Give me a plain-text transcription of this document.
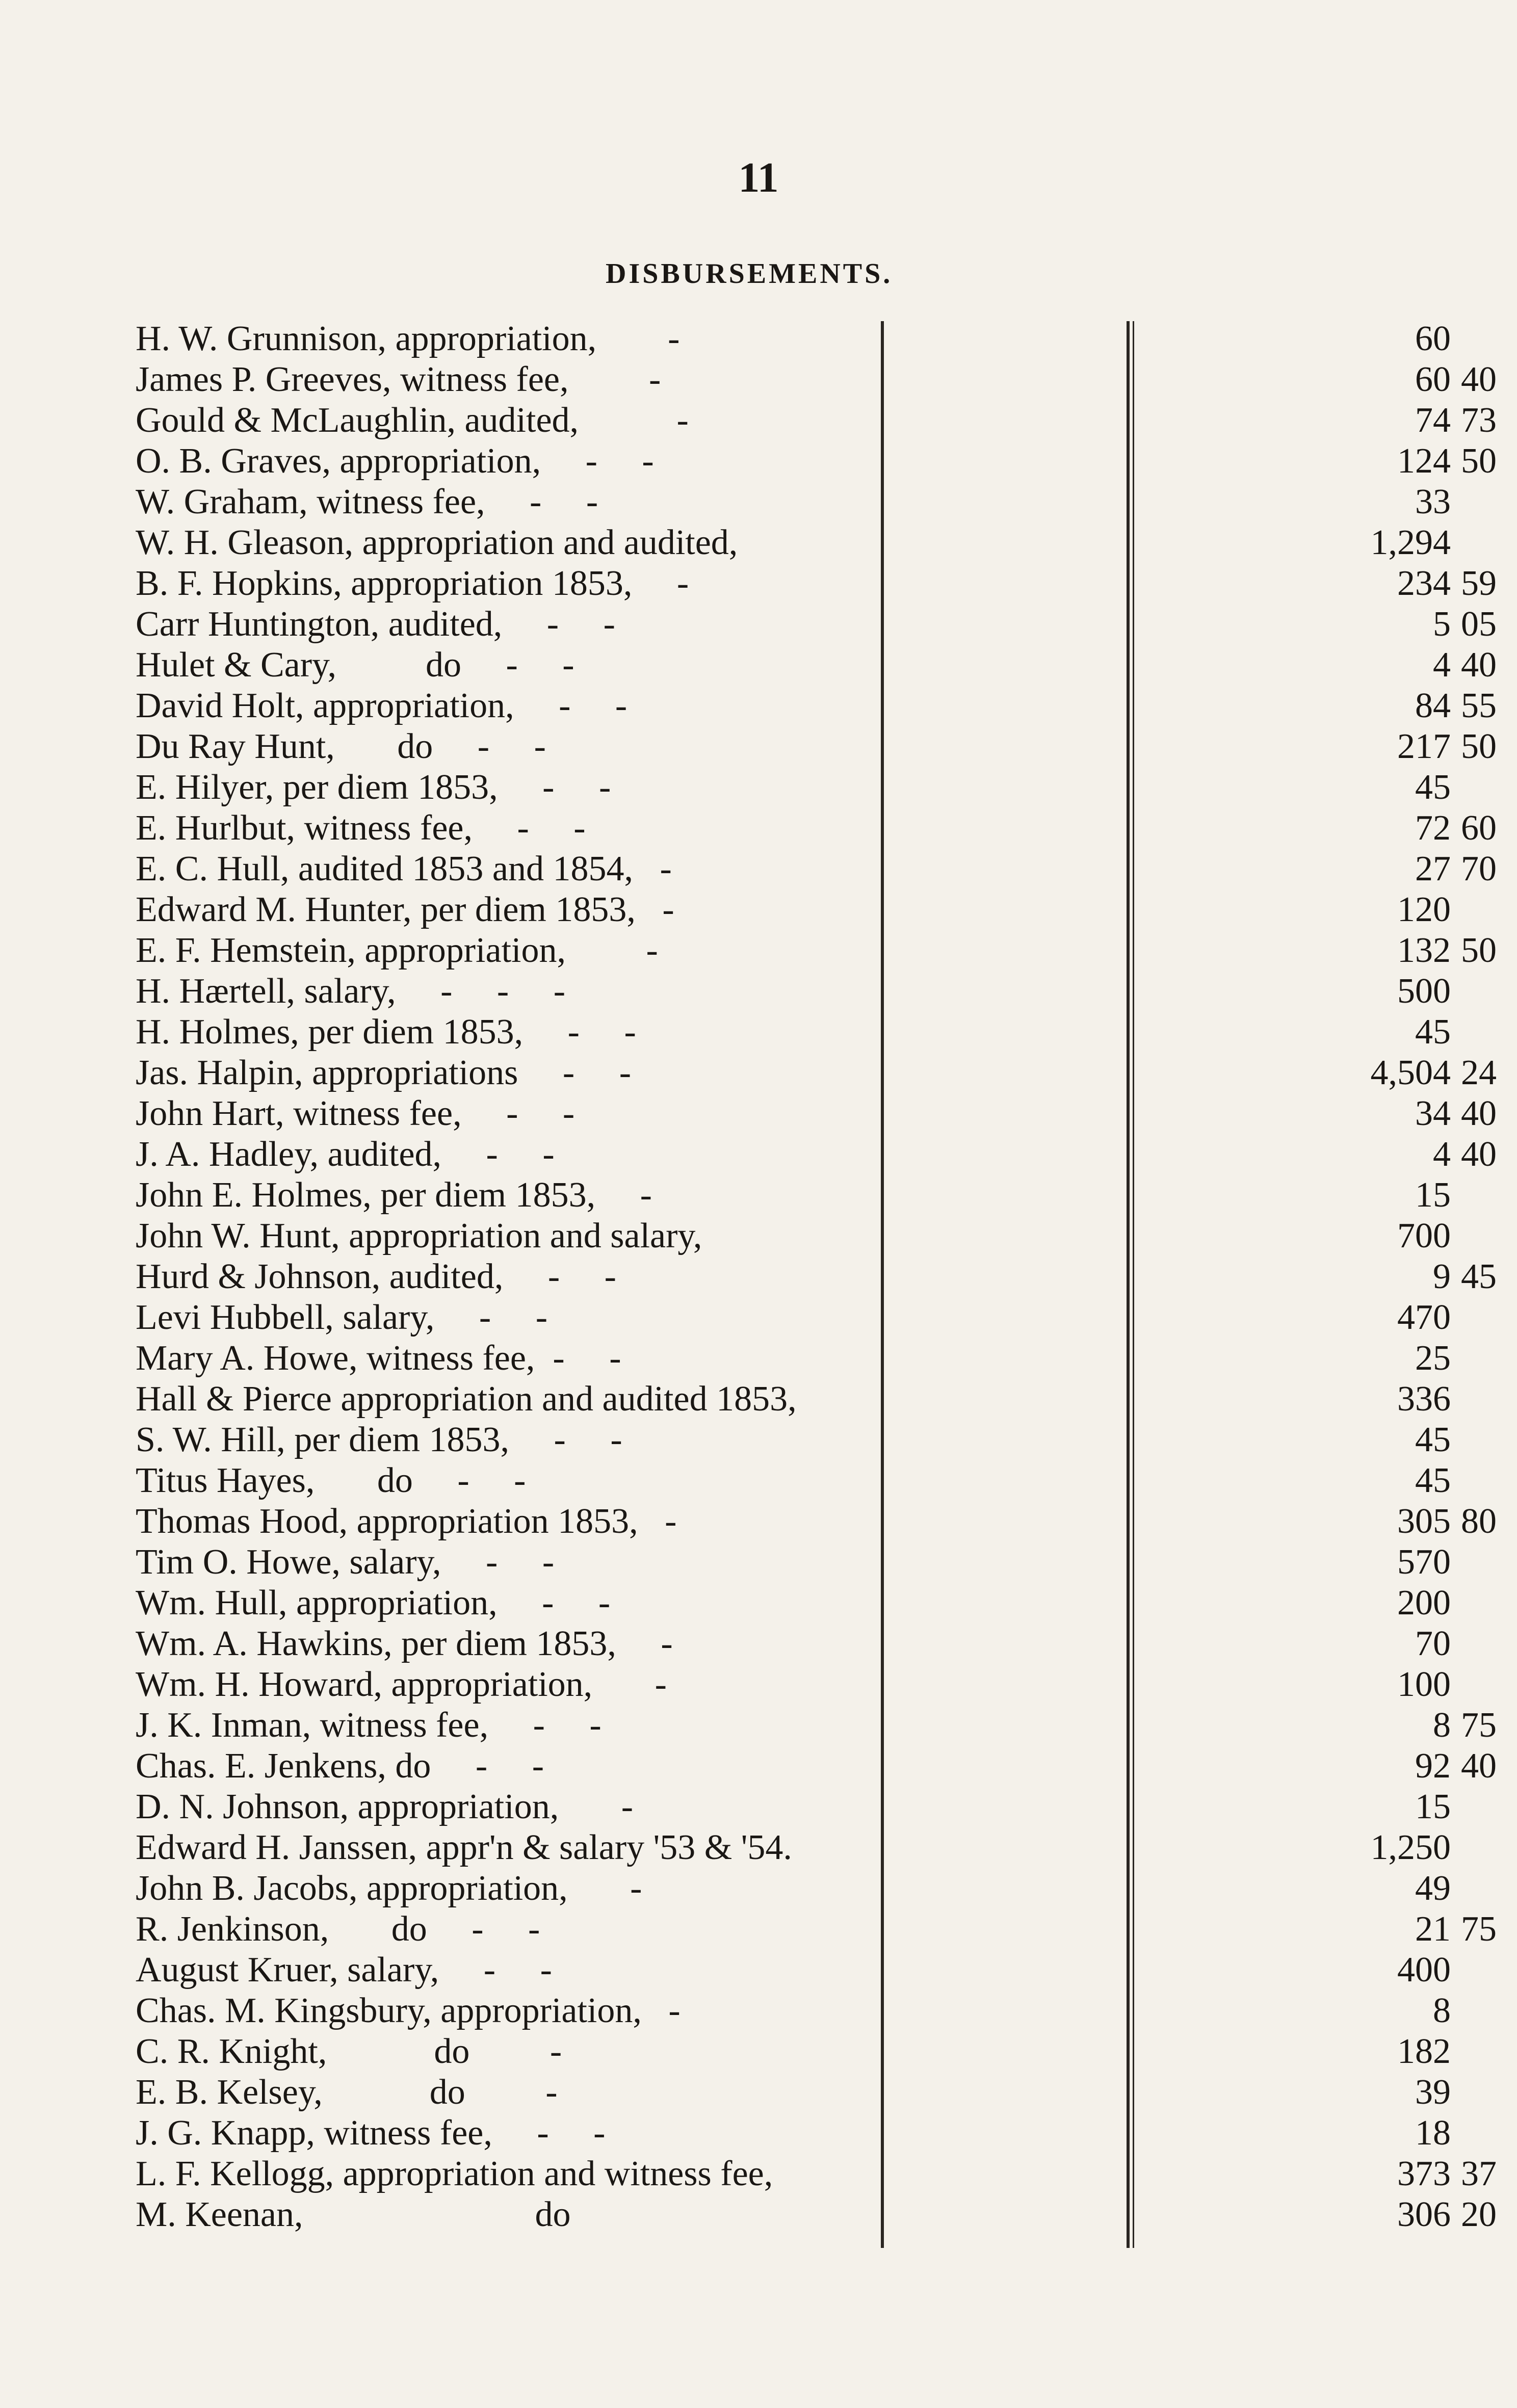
11
DISBURSEMENTS.
H. W. Grunnison, appropriation,        -	60
James P. Greeves, witness fee,         -	60 40
Gould & McLaughlin, audited,           -	74 73
O. B. Graves, appropriation,     -     -	124 50
W. Graham, witness fee,     -     -	33
W. H. Gleason, appropriation and audited,	1,294
B. F. Hopkins, appropriation 1853,     -	234 59
Carr Huntington, audited,     -     -	5 05
Hulet & Cary,          do     -     -	4 40
David Holt, appropriation,     -     -	84 55
Du Ray Hunt,       do     -     -	217 50
E. Hilyer, per diem 1853,     -     -	45
E. Hurlbut, witness fee,     -     -	72 60
E. C. Hull, audited 1853 and 1854,   -	27 70
Edward M. Hunter, per diem 1853,   -	120
E. F. Hemstein, appropriation,         -	132 50
H. Hærtell, salary,     -     -     -	500
H. Holmes, per diem 1853,     -     -	45
Jas. Halpin, appropriations     -     -	4,504 24
John Hart, witness fee,     -     -	34 40
J. A. Hadley, audited,     -     -	4 40
John E. Holmes, per diem 1853,     -	15
John W. Hunt, appropriation and salary,	700
Hurd & Johnson, audited,     -     -	9 45
Levi Hubbell, salary,     -     -	470
Mary A. Howe, witness fee,  -     -	25
Hall & Pierce appropriation and audited 1853,	336
S. W. Hill, per diem 1853,     -     -	45
Titus Hayes,       do     -     -	45
Thomas Hood, appropriation 1853,   -	305 80
Tim O. Howe, salary,     -     -	570
Wm. Hull, appropriation,     -     -	200
Wm. A. Hawkins, per diem 1853,     -	70
Wm. H. Howard, appropriation,       -	100
J. K. Inman, witness fee,     -     -	8 75
Chas. E. Jenkens, do     -     -	92 40
D. N. Johnson, appropriation,       -	15
Edward H. Janssen, appr'n & salary '53 & '54.	1,250
John B. Jacobs, appropriation,       -	49
R. Jenkinson,       do     -     -	21 75
August Kruer, salary,     -     -	400
Chas. M. Kingsbury, appropriation,   -	8
C. R. Knight,            do         -	182
E. B. Kelsey,            do         -	39
J. G. Knapp, witness fee,     -     -	18
L. F. Kellogg, appropriation and witness fee,	373 37
M. Keenan,                          do	306 20
